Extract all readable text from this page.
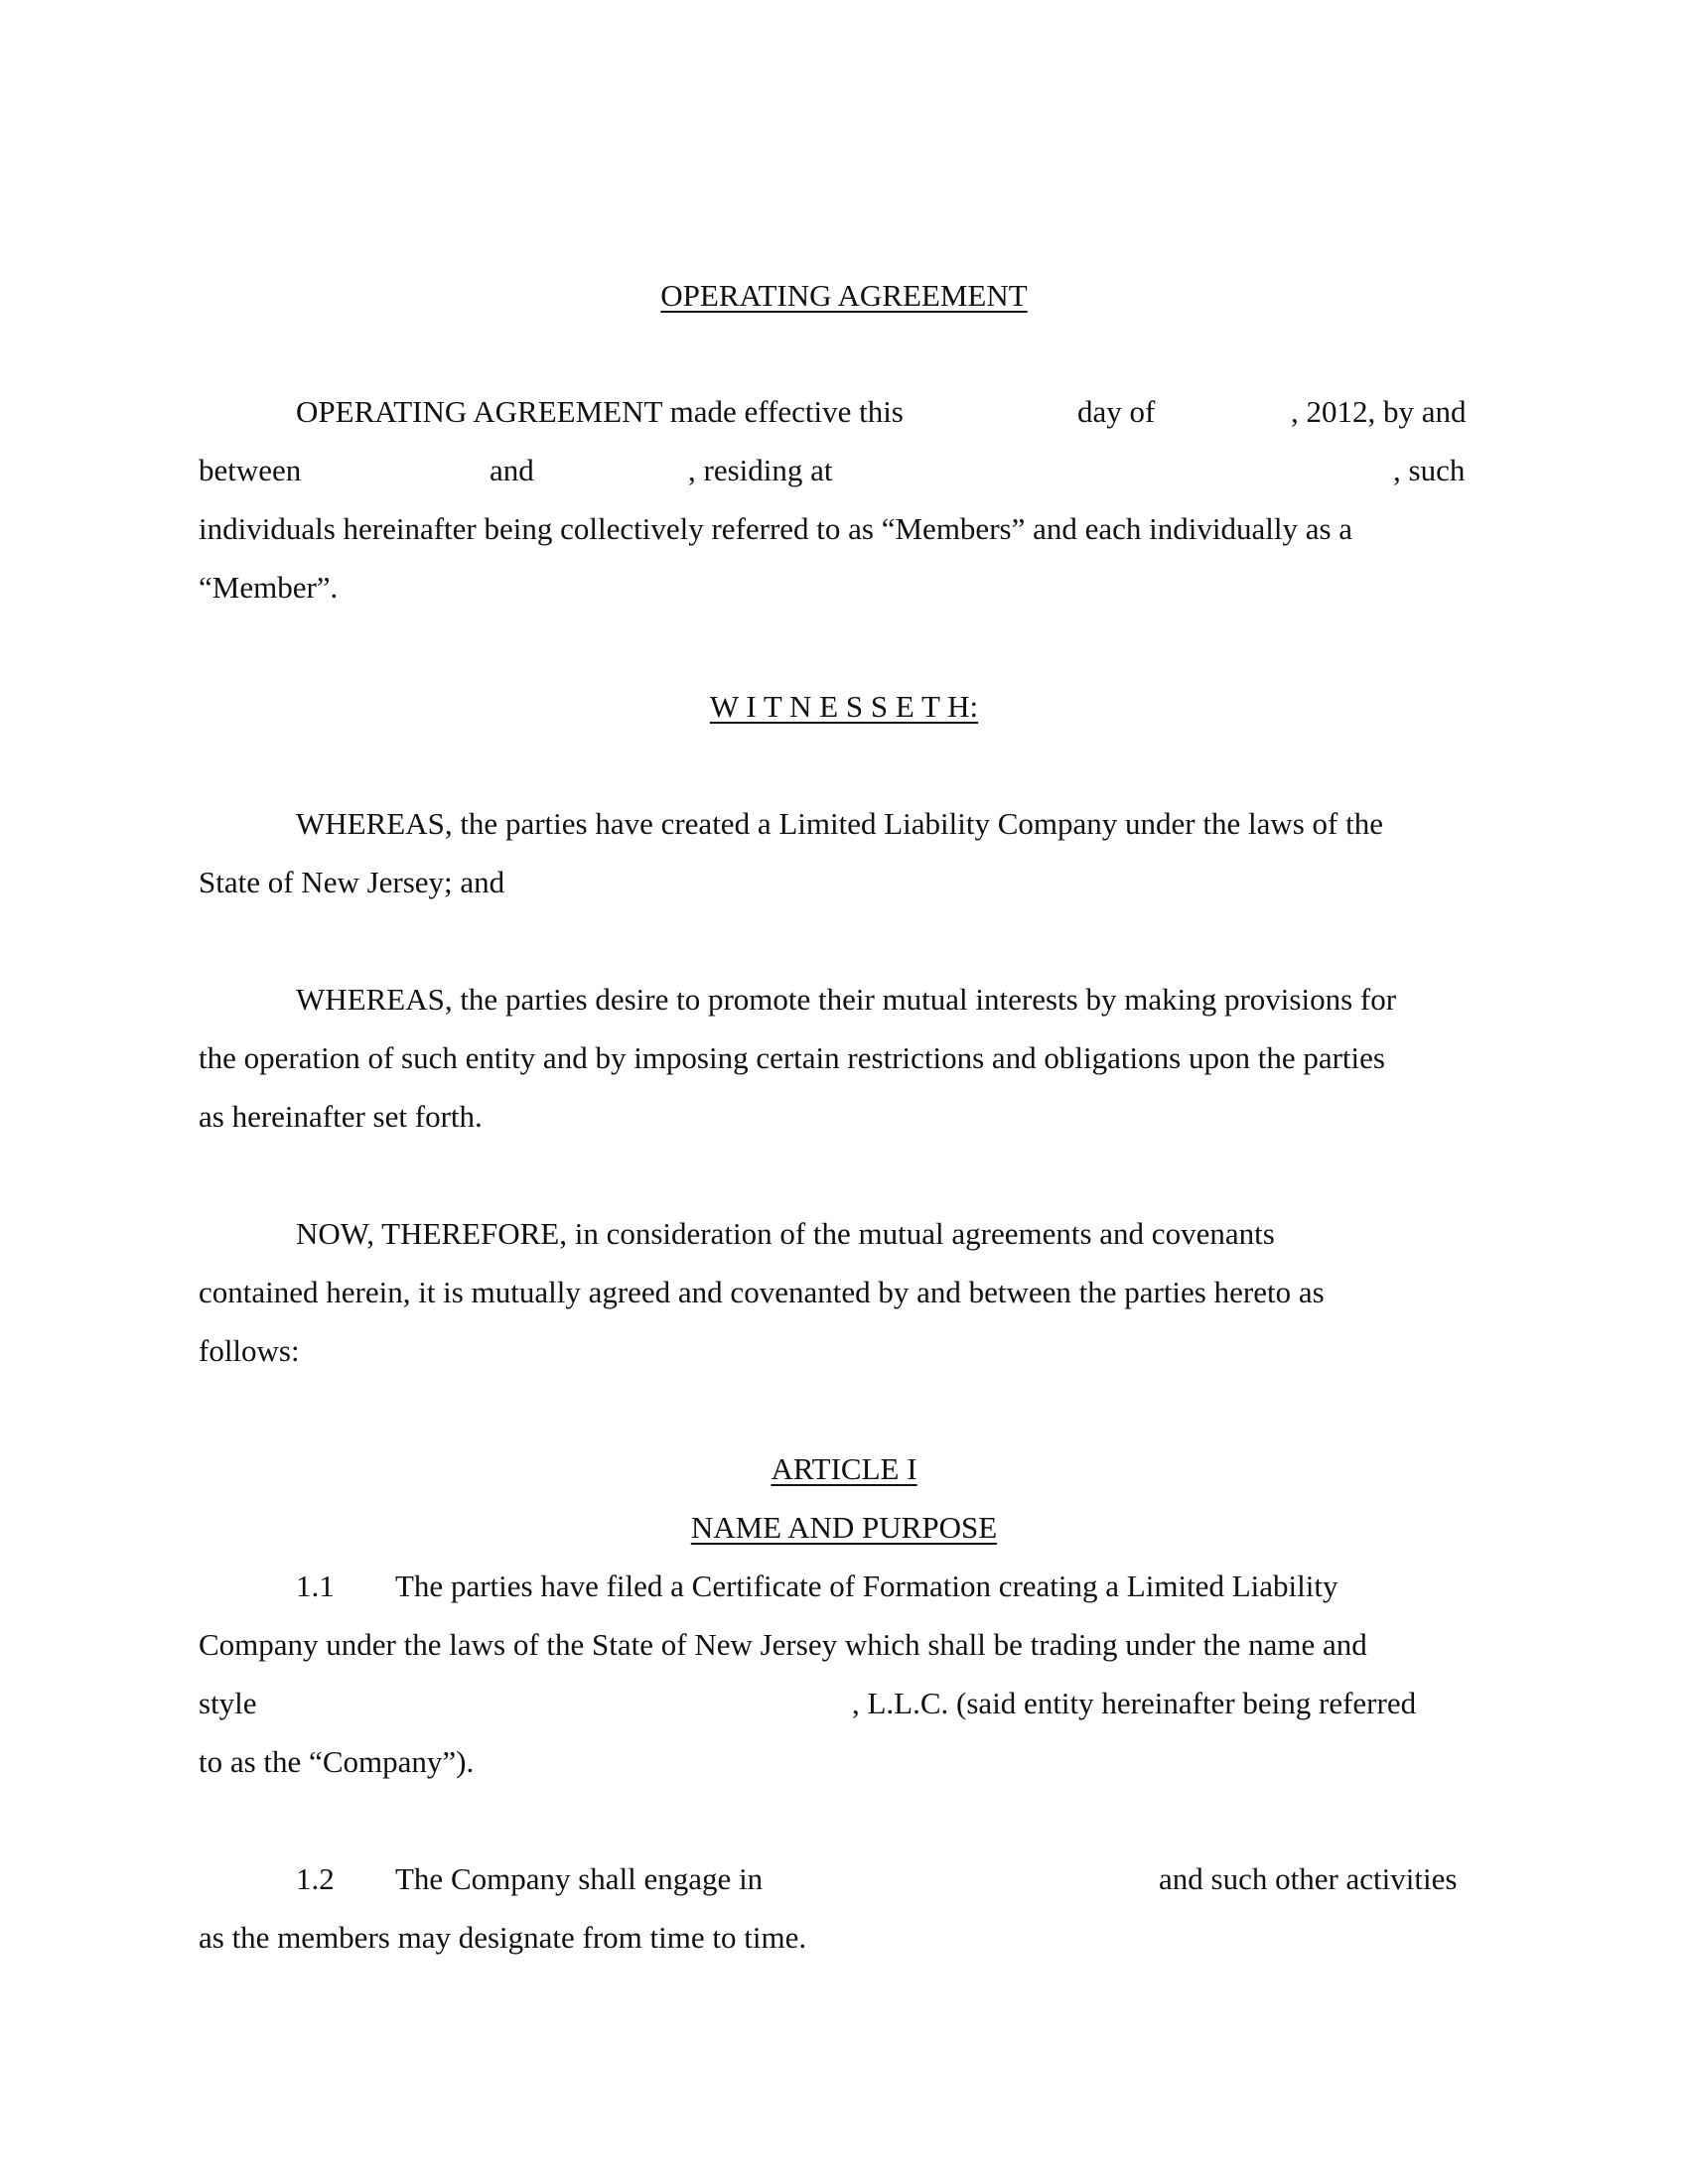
OPERATING AGREEMENT

OPERATING AGREEMENT made effective this	day of	, 2012, by and

between	and	, residing at	, such

individuals hereinafter being collectively referred to as “Members” and each individually as a

“Member”.

W I T N E S S E T H:

WHEREAS, the parties have created a Limited Liability Company under the laws of the

State of New Jersey; and

WHEREAS, the parties desire to promote their mutual interests by making provisions for

the operation of such entity and by imposing certain restrictions and obligations upon the parties

as hereinafter set forth.

NOW, THEREFORE, in consideration of the mutual agreements and covenants

contained herein, it is mutually agreed and covenanted by and between the parties hereto as

follows:

ARTICLE I

NAME AND PURPOSE

1.1 The parties have filed a Certificate of Formation creating a Limited Liability

Company under the laws of the State of New Jersey which shall be trading under the name and

style	, L.L.C. (said entity hereinafter being referred

to as the “Company”).

1.2 The Company shall engage in	and such other activities

as the members may designate from time to time.
